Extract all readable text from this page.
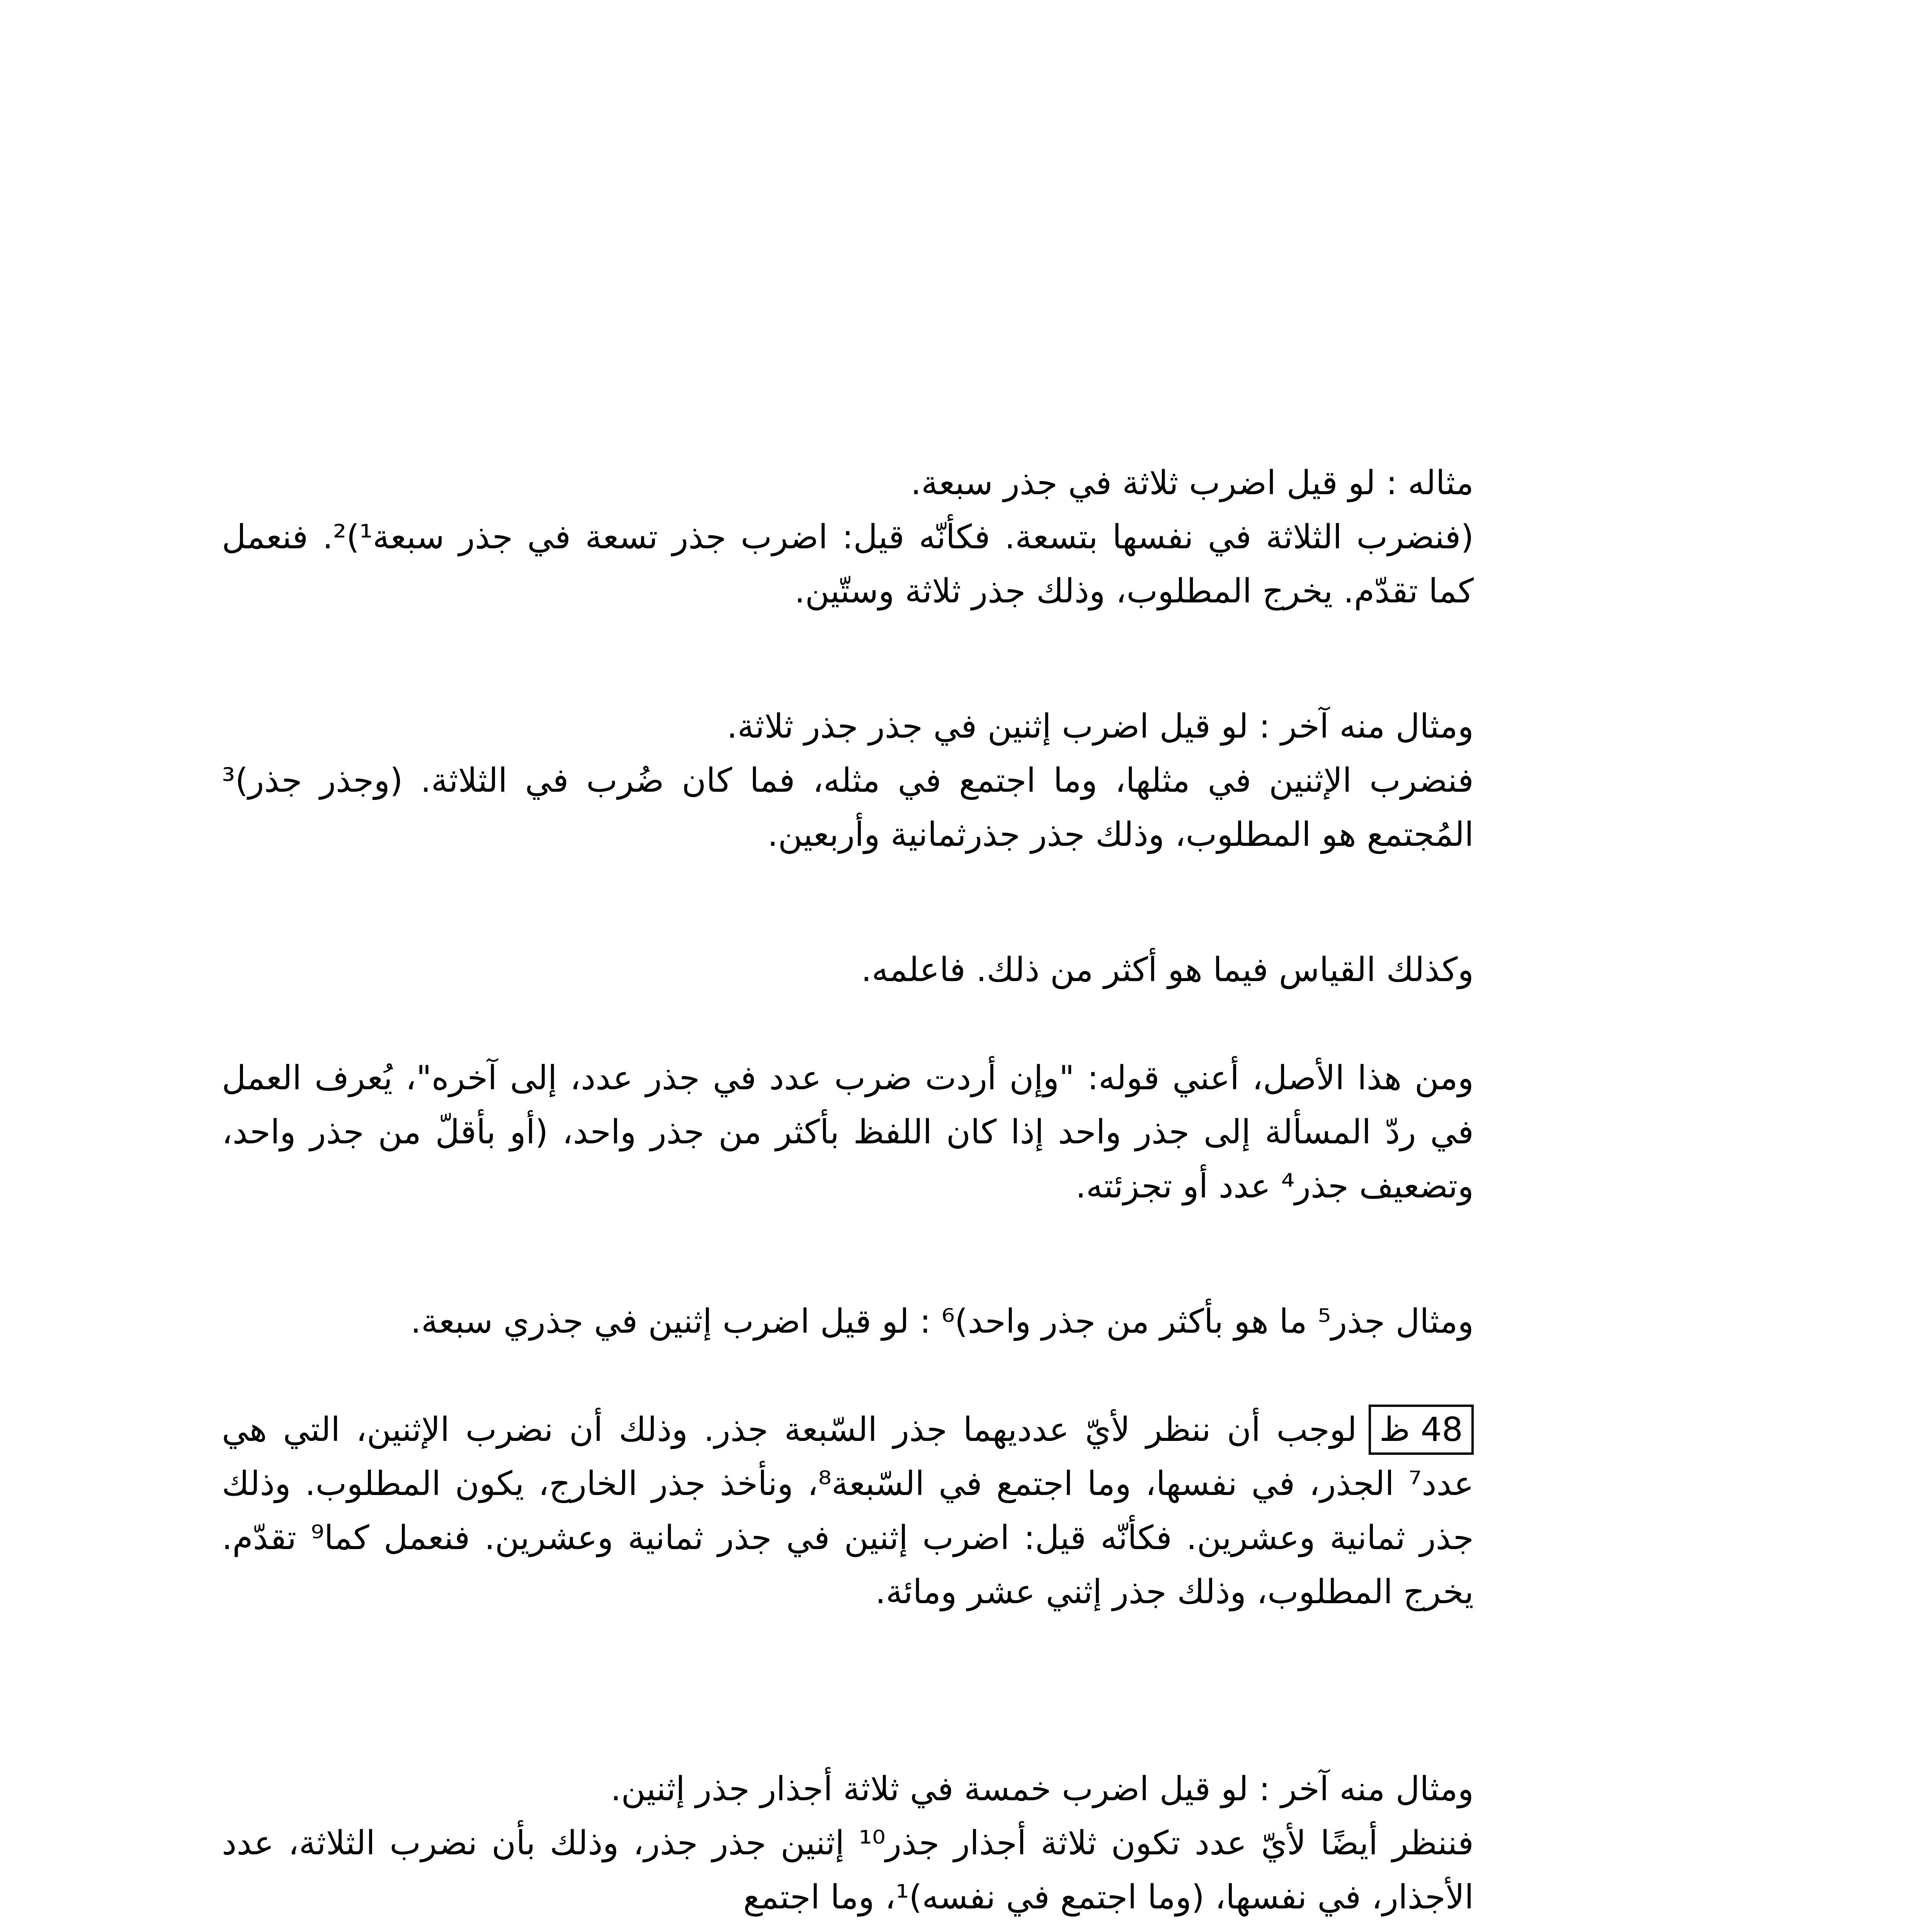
مثاله : لو قيل اضرب ثلاثة في جذر سبعة.

(فنضرب الثلاثة في نفسها بتسعة. فكأنّه قيل: اضرب جذر تسعة في جذر سبعة¹)². فنعمل كما تقدّم. يخرج المطلوب، وذلك جذر ثلاثة وستّين.

ومثال منه آخر : لو قيل اضرب إثنين في جذر جذر ثلاثة.

فنضرب الإثنين في مثلها، وما اجتمع في مثله، فما كان ضُرب في الثلاثة. (وجذر جذر)³ المُجتمع هو المطلوب، وذلك جذر جذرثمانية وأربعين.

وكذلك القياس فيما هو أكثر من ذلك. فاعلمه.

ومن هذا الأصل، أعني قوله: "وإن أردت ضرب عدد في جذر عدد، إلى آخره"، يُعرف العمل في ردّ المسألة إلى جذر واحد إذا كان اللفظ بأكثر من جذر واحد، (أو بأقلّ من جذر واحد، وتضعيف جذر⁴ عدد أو تجزئته.

ومثال جذر⁵ ما هو بأكثر من جذر واحد)⁶ : لو قيل اضرب إثنين في جذري سبعة.

48 ظلوجب أن ننظر لأيّ عدديهما جذر السّبعة جذر. وذلك أن نضرب الإثنين، التي هي عدد⁷ الجذر، في نفسها، وما اجتمع في السّبعة⁸، ونأخذ جذر الخارج، يكون المطلوب. وذلك جذر ثمانية وعشرين. فكأنّه قيل: اضرب إثنين في جذر ثمانية وعشرين. فنعمل كما⁹ تقدّم. يخرج المطلوب، وذلك جذر إثني عشر ومائة.

ومثال منه آخر : لو قيل اضرب خمسة في ثلاثة أجذار جذر إثنين.

فننظر أيضًا لأيّ عدد تكون ثلاثة أجذار جذر¹⁰ إثنين جذر جذر، وذلك بأن نضرب الثلاثة، عدد الأجذار، في نفسها، (وما اجتمع في نفسه)¹، وما اجتمع
